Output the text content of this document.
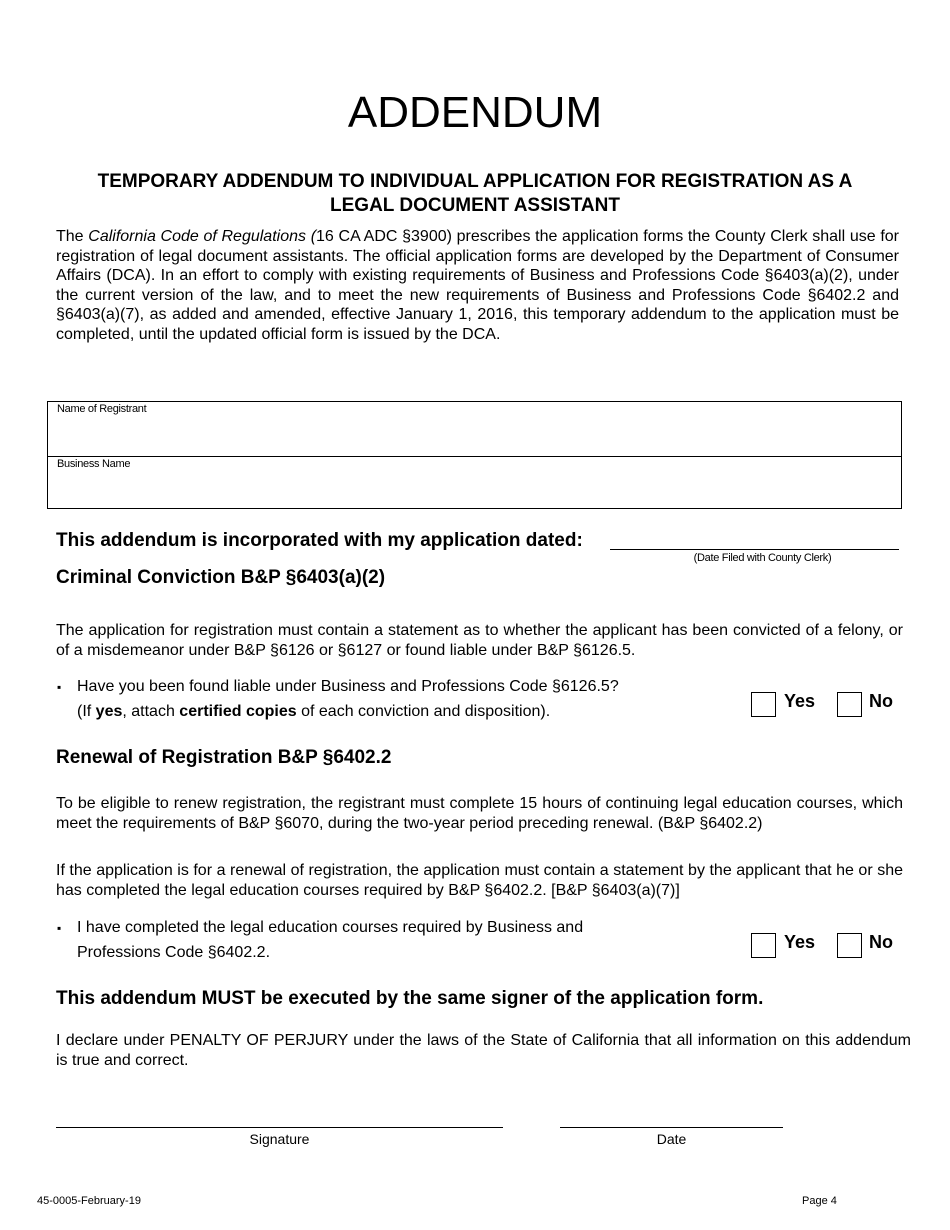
ADDENDUM
TEMPORARY ADDENDUM TO INDIVIDUAL APPLICATION FOR REGISTRATION AS A
LEGAL DOCUMENT ASSISTANT
The California Code of Regulations (16 CA ADC §3900) prescribes the application forms the County Clerk shall use for registration of legal document assistants. The official application forms are developed by the Department of Consumer Affairs (DCA). In an effort to comply with existing requirements of Business and Professions Code §6403(a)(2), under the current version of the law, and to meet the new requirements of Business and Professions Code §6402.2 and §6403(a)(7), as added and amended, effective January 1, 2016, this temporary addendum to the application must be completed, until the updated official form is issued by the DCA.
Name of Registrant
Business Name
This addendum is incorporated with my application dated:
(Date Filed with County Clerk)
Criminal Conviction B&P §6403(a)(2)
The application for registration must contain a statement as to whether the applicant has been convicted of a felony, or of a misdemeanor under B&P §6126 or §6127 or found liable under B&P §6126.5.
▪ Have you been found liable under Business and Professions Code §6126.5?
(If yes, attach certified copies of each conviction and disposition).
Yes	No
Renewal of Registration B&P §6402.2
To be eligible to renew registration, the registrant must complete 15 hours of continuing legal education courses, which meet the requirements of B&P §6070, during the two-year period preceding renewal. (B&P §6402.2)
If the application is for a renewal of registration, the application must contain a statement by the applicant that he or she has completed the legal education courses required by B&P §6402.2. [B&P §6403(a)(7)]
▪ I have completed the legal education courses required by Business and
Professions Code §6402.2.
Yes	No
This addendum MUST be executed by the same signer of the application form.
I declare under PENALTY OF PERJURY under the laws of the State of California that all information on this addendum is true and correct.
Signature	Date
45-0005-February-19	Page 4
